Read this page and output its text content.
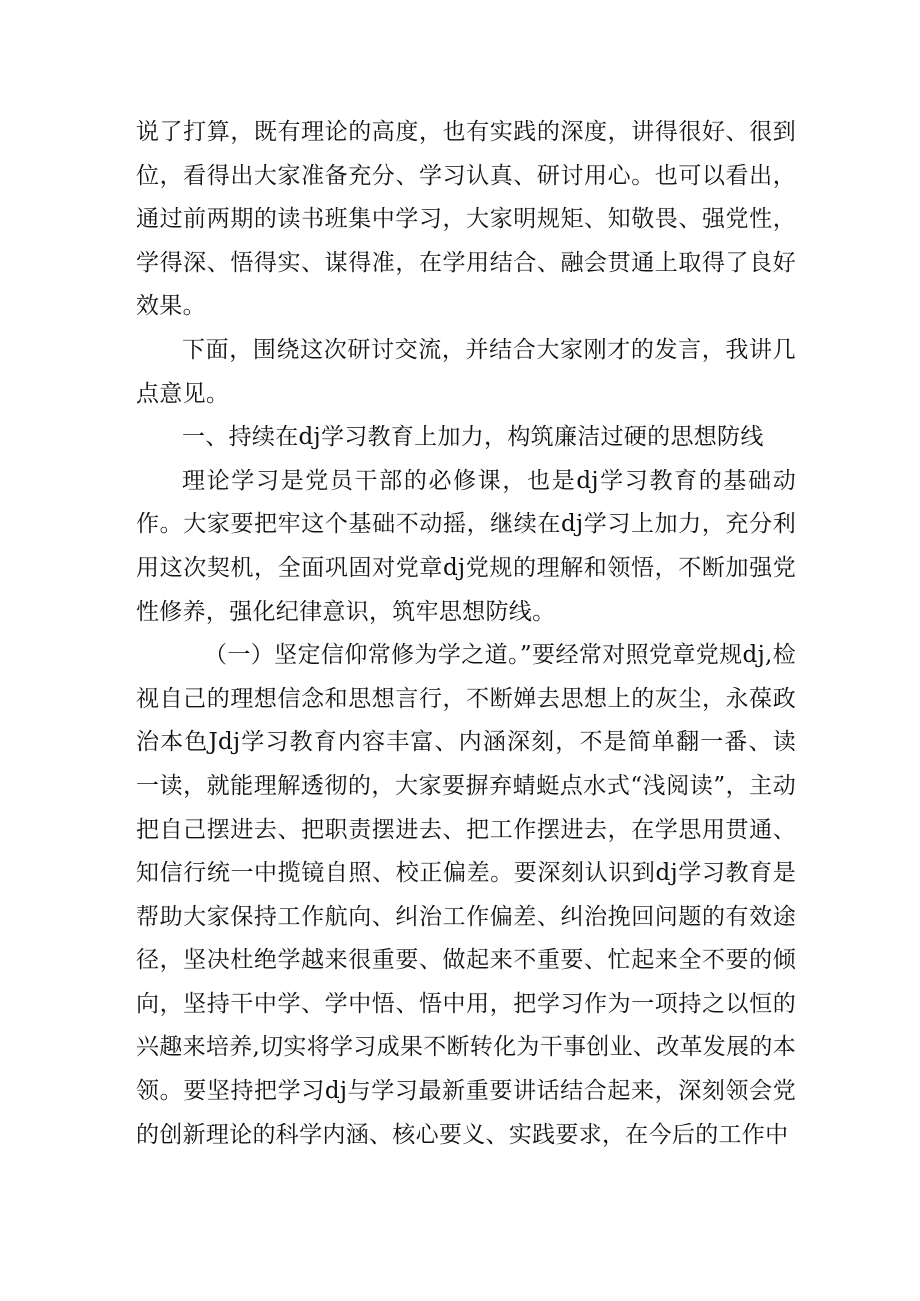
说了打算，既有理论的高度，也有实践的深度，讲得很好、很到位，看得出大家准备充分、学习认真、研讨用心。也可以看出，通过前两期的读书班集中学习，大家明规矩、知敬畏、强党性，学得深、悟得实、谋得准，在学用结合、融会贯通上取得了良好效果。

下面，围绕这次研讨交流，并结合大家刚才的发言，我讲几点意见。

一、持续在dj学习教育上加力，构筑廉洁过硬的思想防线

理论学习是党员干部的必修课，也是dj学习教育的基础动作。大家要把牢这个基础不动摇，继续在dj学习上加力，充分利用这次契机，全面巩固对党章dj党规的理解和领悟，不断加强党性修养，强化纪律意识，筑牢思想防线。

（一）坚定信仰常修为学之道。”要经常对照党章党规dj,检视自己的理想信念和思想言行，不断婵去思想上的灰尘，永葆政治本色Jdj学习教育内容丰富、内涵深刻，不是简单翻一番、读一读，就能理解透彻的，大家要摒弃蜻蜓点水式“浅阅读”，主动把自己摆进去、把职责摆进去、把工作摆进去，在学思用贯通、知信行统一中揽镜自照、校正偏差。要深刻认识到dj学习教育是帮助大家保持工作航向、纠治工作偏差、纠治挽回问题的有效途径，坚决杜绝学越来很重要、做起来不重要、忙起来全不要的倾向，坚持干中学、学中悟、悟中用，把学习作为一项持之以恒的兴趣来培养,切实将学习成果不断转化为干事创业、改革发展的本领。要坚持把学习dj与学习最新重要讲话结合起来，深刻领会党的创新理论的科学内涵、核心要义、实践要求，在今后的工作中
